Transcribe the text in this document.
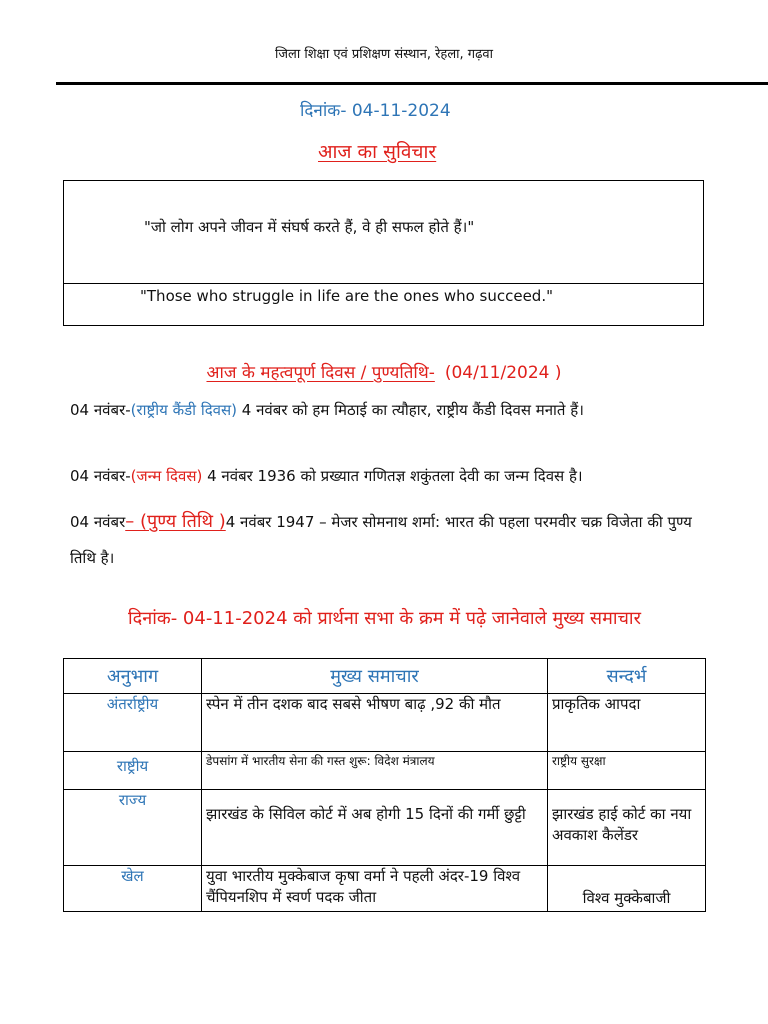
जिला शिक्षा एवं प्रशिक्षण संस्थान, रेहला, गढ़वा
दिनांक- 04-11-2024
आज का सुविचार
"जो लोग अपने जीवन में संघर्ष करते हैं, वे ही सफल होते हैं।"
"Those who struggle in life are the ones who succeed."
आज के महत्वपूर्ण दिवस / पुण्यतिथि- (04/11/2024 )
04 नवंबर-(राष्ट्रीय कैंडी दिवस) 4 नवंबर को हम मिठाई का त्यौहार, राष्ट्रीय कैंडी दिवस मनाते हैं।
04 नवंबर-(जन्म दिवस) 4 नवंबर 1936 को प्रख्यात गणितज्ञ शकुंतला देवी का जन्म दिवस है।
04 नवंबर– (पुण्य तिथि )4 नवंबर 1947 – मेजर सोमनाथ शर्मा: भारत की पहला परमवीर चक्र विजेता की पुण्य तिथि है।
दिनांक- 04-11-2024 को प्रार्थना सभा के क्रम में पढ़े जानेवाले मुख्य समाचार
अनुभाग	मुख्य समाचार	सन्दर्भ
अंतर्राष्ट्रीय	स्पेन में तीन दशक बाद सबसे भीषण बाढ़ ,92 की मौत	प्राकृतिक आपदा
राष्ट्रीय	डेपसांग में भारतीय सेना की गस्त शुरू: विदेश मंत्रालय	राष्ट्रीय सुरक्षा
राज्य	झारखंड के सिविल कोर्ट में अब होगी 15 दिनों की गर्मी छुट्टी	झारखंड हाई कोर्ट का नया अवकाश कैलेंडर
खेल	युवा भारतीय मुक्केबाज कृषा वर्मा ने पहली अंदर-19 विश्व चैंपियनशिप में स्वर्ण पदक जीता	विश्व मुक्केबाजी
